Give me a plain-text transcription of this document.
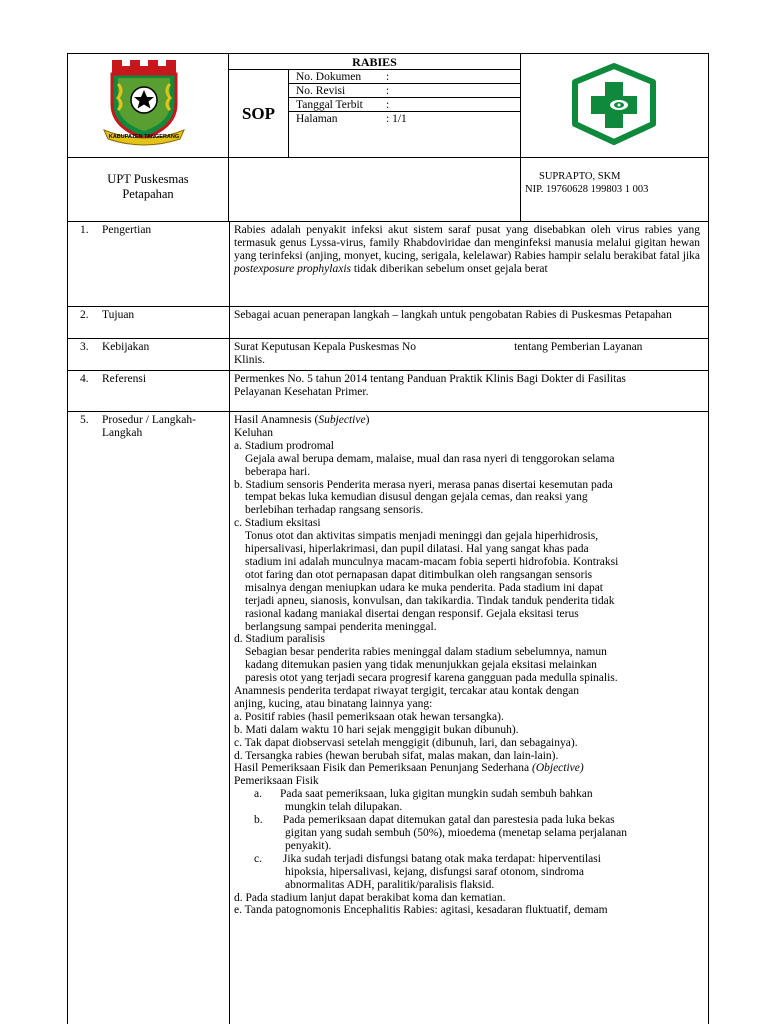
KABUPATEN TANGERANG
RABIES
SOP
No. Dokumen :
No. Revisi	:
Tanggal Terbit :
Halaman	: 1/1
UPT Puskesmas
Petapahan
SUPRAPTO, SKM
NIP. 19760628 199803 1 003
1. Pengertian	Rabies adalah penyakit infeksi akut sistem saraf pusat yang disebabkan oleh virus rabies yang termasuk genus Lyssa-virus, family Rhabdoviridae dan menginfeksi manusia melalui gigitan hewan yang terinfeksi (anjing, monyet, kucing, serigala, kelelawar) Rabies hampir selalu berakibat fatal jika postexposure prophylaxis tidak diberikan sebelum onset gejala berat
2. Tujuan	Sebagai acuan penerapan langkah – langkah untuk pengobatan Rabies di Puskesmas Petapahan
3. Kebijakan	Surat Keputusan Kepala Puskesmas No	tentang Pemberian Layanan
Klinis.
4. Referensi	Permenkes No. 5 tahun 2014 tentang Panduan Praktik Klinis Bagi Dokter di Fasilitas
Pelayanan Kesehatan Primer.
5. Prosedur / Langkah-Langkah
Hasil Anamnesis (Subjective)
Keluhan
a. Stadium prodromal
Gejala awal berupa demam, malaise, mual dan rasa nyeri di tenggorokan selama
beberapa hari.
b. Stadium sensoris Penderita merasa nyeri, merasa panas disertai kesemutan pada
tempat bekas luka kemudian disusul dengan gejala cemas, dan reaksi yang
berlebihan terhadap rangsang sensoris.
c. Stadium eksitasi
Tonus otot dan aktivitas simpatis menjadi meninggi dan gejala hiperhidrosis,
hipersalivasi, hiperlakrimasi, dan pupil dilatasi. Hal yang sangat khas pada
stadium ini adalah munculnya macam-macam fobia seperti hidrofobia. Kontraksi
otot faring dan otot pernapasan dapat ditimbulkan oleh rangsangan sensoris
misalnya dengan meniupkan udara ke muka penderita. Pada stadium ini dapat
terjadi apneu, sianosis, konvulsan, dan takikardia. Tindak tanduk penderita tidak
rasional kadang maniakal disertai dengan responsif. Gejala eksitasi terus
berlangsung sampai penderita meninggal.
d. Stadium paralisis
Sebagian besar penderita rabies meninggal dalam stadium sebelumnya, namun
kadang ditemukan pasien yang tidak menunjukkan gejala eksitasi melainkan
paresis otot yang terjadi secara progresif karena gangguan pada medulla spinalis.
Anamnesis penderita terdapat riwayat tergigit, tercakar atau kontak dengan
anjing, kucing, atau binatang lainnya yang:
a. Positif rabies (hasil pemeriksaan otak hewan tersangka).
b. Mati dalam waktu 10 hari sejak menggigit bukan dibunuh).
c. Tak dapat diobservasi setelah menggigit (dibunuh, lari, dan sebagainya).
d. Tersangka rabies (hewan berubah sifat, malas makan, dan lain-lain).
Hasil Pemeriksaan Fisik dan Pemeriksaan Penunjang Sederhana (Objective)
Pemeriksaan Fisik
a. Pada saat pemeriksaan, luka gigitan mungkin sudah sembuh bahkan
mungkin telah dilupakan.
b. Pada pemeriksaan dapat ditemukan gatal dan parestesia pada luka bekas
gigitan yang sudah sembuh (50%), mioedema (menetap selama perjalanan
penyakit).
c. Jika sudah terjadi disfungsi batang otak maka terdapat: hiperventilasi
hipoksia, hipersalivasi, kejang, disfungsi saraf otonom, sindroma
abnormalitas ADH, paralitik/paralisis flaksid.
d. Pada stadium lanjut dapat berakibat koma dan kematian.
e. Tanda patognomonis Encephalitis Rabies: agitasi, kesadaran fluktuatif, demam
